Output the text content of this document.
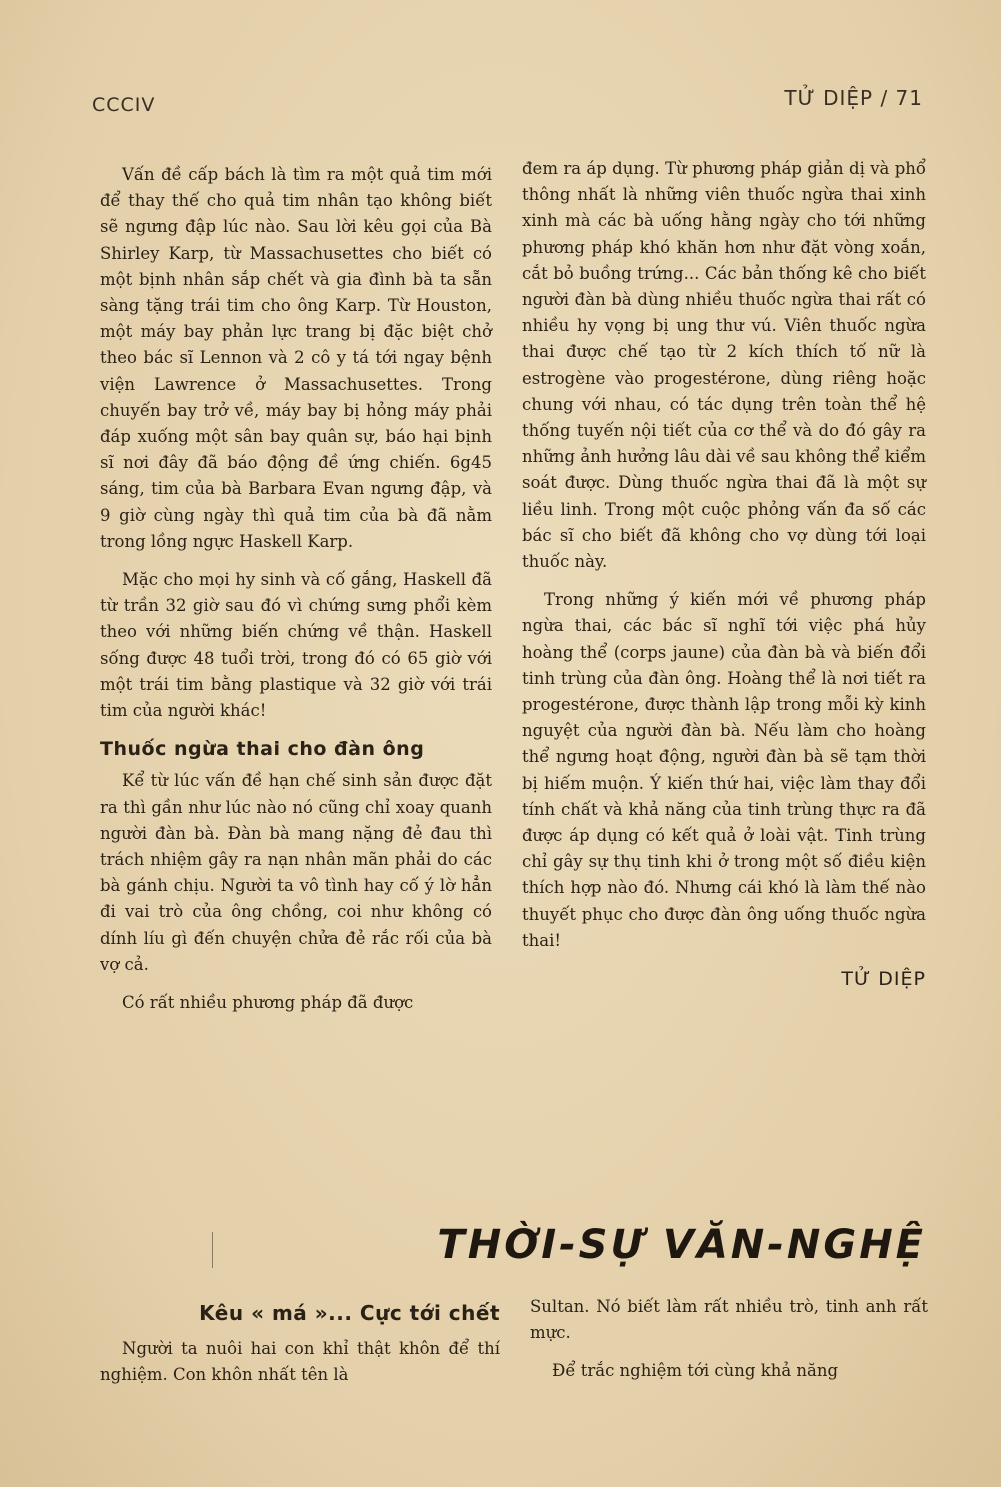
CCCIV	TỬ DIỆP / 71

Vấn đề cấp bách là tìm ra một quả tim mới để thay thế cho quả tim nhân tạo không biết sẽ ngưng đập lúc nào. Sau lời kêu gọi của Bà Shirley Karp, từ Massachusettes cho biết có một bịnh nhân sắp chết và gia đình bà ta sẵn sàng tặng trái tim cho ông Karp. Từ Houston, một máy bay phản lực trang bị đặc biệt chở theo bác sĩ Lennon và 2 cô y tá tới ngay bệnh viện Lawrence ở Massachusettes. Trong chuyến bay trở về, máy bay bị hỏng máy phải đáp xuống một sân bay quân sự, báo hại bịnh sĩ nơi đây đã báo động đề ứng chiến. 6g45 sáng, tim của bà Barbara Evan ngưng đập, và 9 giờ cùng ngày thì quả tim của bà đã nằm trong lồng ngực Haskell Karp.

Mặc cho mọi hy sinh và cố gắng, Haskell đã từ trần 32 giờ sau đó vì chứng sưng phổi kèm theo với những biến chứng về thận. Haskell sống được 48 tuổi trời, trong đó có 65 giờ với một trái tim bằng plastique và 32 giờ với trái tim của người khác!

Thuốc ngừa thai cho đàn ông

Kể từ lúc vấn đề hạn chế sinh sản được đặt ra thì gần như lúc nào nó cũng chỉ xoay quanh người đàn bà. Đàn bà mang nặng đẻ đau thì trách nhiệm gây ra nạn nhân mãn phải do các bà gánh chịu. Người ta vô tình hay cố ý lờ hẳn đi vai trò của ông chồng, coi như không có dính líu gì đến chuyện chửa đẻ rắc rối của bà vợ cả.

Có rất nhiều phương pháp đã được

đem ra áp dụng. Từ phương pháp giản dị và phổ thông nhất là những viên thuốc ngừa thai xinh xinh mà các bà uống hằng ngày cho tới những phương pháp khó khăn hơn như đặt vòng xoắn, cắt bỏ buồng trứng... Các bản thống kê cho biết người đàn bà dùng nhiều thuốc ngừa thai rất có nhiều hy vọng bị ung thư vú. Viên thuốc ngừa thai được chế tạo từ 2 kích thích tố nữ là estrogène vào progestérone, dùng riêng hoặc chung với nhau, có tác dụng trên toàn thể hệ thống tuyến nội tiết của cơ thể và do đó gây ra những ảnh hưởng lâu dài về sau không thể kiểm soát được. Dùng thuốc ngừa thai đã là một sự liều linh. Trong một cuộc phỏng vấn đa số các bác sĩ cho biết đã không cho vợ dùng tới loại thuốc này.

Trong những ý kiến mới về phương pháp ngừa thai, các bác sĩ nghĩ tới việc phá hủy hoàng thể (corps jaune) của đàn bà và biến đổi tinh trùng của đàn ông. Hoàng thể là nơi tiết ra progestérone, được thành lập trong mỗi kỳ kinh nguyệt của người đàn bà. Nếu làm cho hoàng thể ngưng hoạt động, người đàn bà sẽ tạm thời bị hiếm muộn. Ý kiến thứ hai, việc làm thay đổi tính chất và khả năng của tinh trùng thực ra đã được áp dụng có kết quả ở loài vật. Tinh trùng chỉ gây sự thụ tinh khi ở trong một số điều kiện thích hợp nào đó. Nhưng cái khó là làm thế nào thuyết phục cho được đàn ông uống thuốc ngừa thai!

TỬ DIỆP
THỜI-SỰ VĂN-NGHỆ
Kêu « má »... Cực tới chết

Người ta nuôi hai con khỉ thật khôn để thí nghiệm. Con khôn nhất tên là

Sultan. Nó biết làm rất nhiều trò, tinh anh rất mực.

Để trắc nghiệm tới cùng khả năng
